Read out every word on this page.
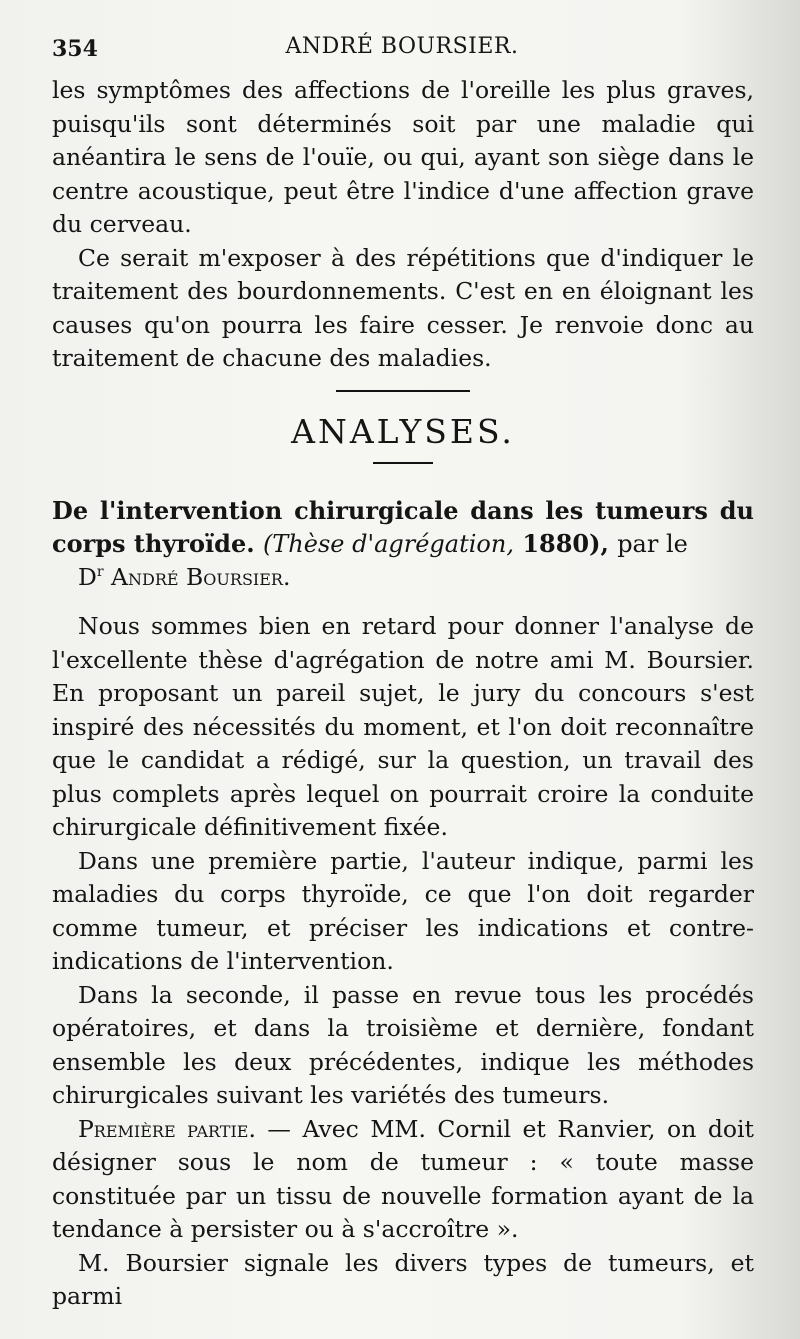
354	ANDRÉ BOURSIER.

les symptômes des affections de l'oreille les plus graves, puisqu'ils sont déterminés soit par une maladie qui anéantira le sens de l'ouïe, ou qui, ayant son siège dans le centre acoustique, peut être l'indice d'une affection grave du cerveau.

Ce serait m'exposer à des répétitions que d'indiquer le traitement des bourdonnements. C'est en en éloignant les causes qu'on pourra les faire cesser. Je renvoie donc au traitement de chacune des maladies.

ANALYSES.

De l'intervention chirurgicale dans les tumeurs du corps thyroïde. (Thèse d'agrégation, 1880), par le

$D^r$ André Boursier.

Nous sommes bien en retard pour donner l'analyse de l'excellente thèse d'agrégation de notre ami M. Boursier. En proposant un pareil sujet, le jury du concours s'est inspiré des nécessités du moment, et l'on doit reconnaître que le candidat a rédigé, sur la question, un travail des plus complets après lequel on pourrait croire la conduite chirurgicale définitivement fixée.

Dans une première partie, l'auteur indique, parmi les maladies du corps thyroïde, ce que l'on doit regarder comme tumeur, et préciser les indications et contre-indications de l'intervention.

Dans la seconde, il passe en revue tous les procédés opératoires, et dans la troisième et dernière, fondant ensemble les deux précédentes, indique les méthodes chirurgicales suivant les variétés des tumeurs.

Première partie. — Avec MM. Cornil et Ranvier, on doit désigner sous le nom de tumeur : « toute masse constituée par un tissu de nouvelle formation ayant de la tendance à persister ou à s'accroître ».

M. Boursier signale les divers types de tumeurs, et parmi
